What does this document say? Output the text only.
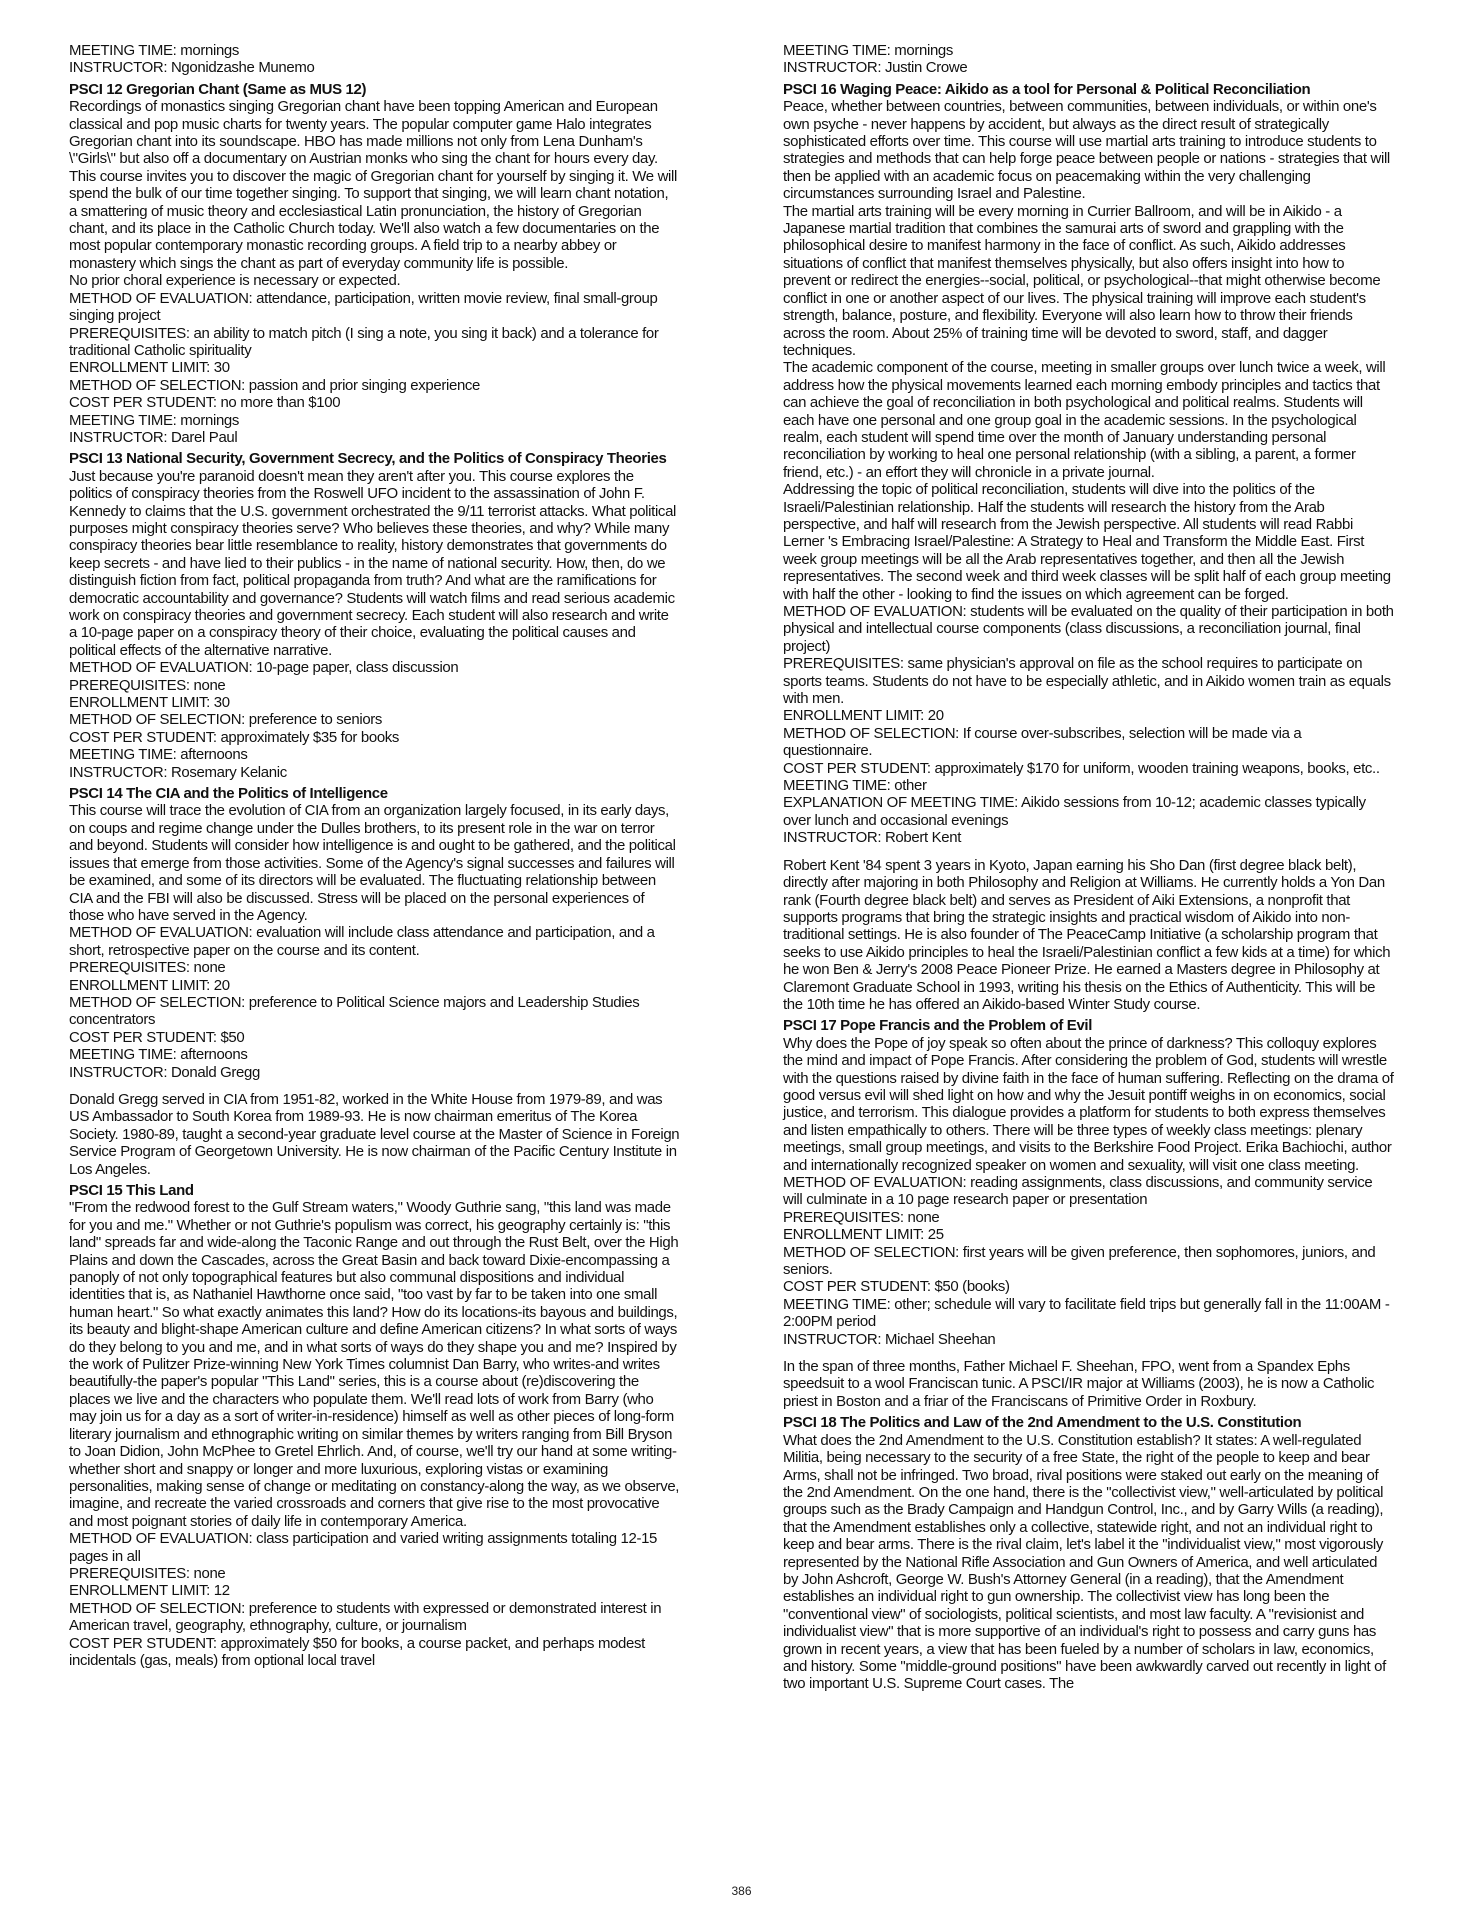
MEETING TIME: mornings
INSTRUCTOR: Ngonidzashe Munemo
PSCI 12 Gregorian Chant (Same as MUS 12)
Recordings of monastics singing Gregorian chant have been topping American and European classical and pop music charts for twenty years. The popular computer game Halo integrates Gregorian chant into its soundscape. HBO has made millions not only from Lena Dunham's \"Girls\" but also off a documentary on Austrian monks who sing the chant for hours every day.
This course invites you to discover the magic of Gregorian chant for yourself by singing it. We will spend the bulk of our time together singing. To support that singing, we will learn chant notation, a smattering of music theory and ecclesiastical Latin pronunciation, the history of Gregorian chant, and its place in the Catholic Church today. We'll also watch a few documentaries on the most popular contemporary monastic recording groups. A field trip to a nearby abbey or monastery which sings the chant as part of everyday community life is possible.
No prior choral experience is necessary or expected.
METHOD OF EVALUATION: attendance, participation, written movie review, final small-group singing project
PREREQUISITES: an ability to match pitch (I sing a note, you sing it back) and a tolerance for traditional Catholic spirituality
ENROLLMENT LIMIT: 30
METHOD OF SELECTION: passion and prior singing experience
COST PER STUDENT: no more than $100
MEETING TIME: mornings
INSTRUCTOR: Darel Paul
PSCI 13 National Security, Government Secrecy, and the Politics of Conspiracy Theories
Just because you're paranoid doesn't mean they aren't after you. This course explores the politics of conspiracy theories from the Roswell UFO incident to the assassination of John F. Kennedy to claims that the U.S. government orchestrated the 9/11 terrorist attacks. What political purposes might conspiracy theories serve? Who believes these theories, and why? While many conspiracy theories bear little resemblance to reality, history demonstrates that governments do keep secrets - and have lied to their publics - in the name of national security. How, then, do we distinguish fiction from fact, political propaganda from truth? And what are the ramifications for democratic accountability and governance? Students will watch films and read serious academic work on conspiracy theories and government secrecy. Each student will also research and write a 10-page paper on a conspiracy theory of their choice, evaluating the political causes and political effects of the alternative narrative.
METHOD OF EVALUATION: 10-page paper, class discussion
PREREQUISITES: none
ENROLLMENT LIMIT: 30
METHOD OF SELECTION: preference to seniors
COST PER STUDENT: approximately $35 for books
MEETING TIME: afternoons
INSTRUCTOR: Rosemary Kelanic
PSCI 14 The CIA and the Politics of Intelligence
This course will trace the evolution of CIA from an organization largely focused, in its early days, on coups and regime change under the Dulles brothers, to its present role in the war on terror and beyond. Students will consider how intelligence is and ought to be gathered, and the political issues that emerge from those activities. Some of the Agency's signal successes and failures will be examined, and some of its directors will be evaluated. The fluctuating relationship between CIA and the FBI will also be discussed. Stress will be placed on the personal experiences of those who have served in the Agency.
METHOD OF EVALUATION: evaluation will include class attendance and participation, and a short, retrospective paper on the course and its content.
PREREQUISITES: none
ENROLLMENT LIMIT: 20
METHOD OF SELECTION: preference to Political Science majors and Leadership Studies concentrators
COST PER STUDENT: $50
MEETING TIME: afternoons
INSTRUCTOR: Donald Gregg
Donald Gregg served in CIA from 1951-82, worked in the White House from 1979-89, and was US Ambassador to South Korea from 1989-93. He is now chairman emeritus of The Korea Society. 1980-89, taught a second-year graduate level course at the Master of Science in Foreign Service Program of Georgetown University. He is now chairman of the Pacific Century Institute in Los Angeles.
PSCI 15 This Land
"From the redwood forest to the Gulf Stream waters," Woody Guthrie sang, "this land was made for you and me." Whether or not Guthrie's populism was correct, his geography certainly is: "this land" spreads far and wide-along the Taconic Range and out through the Rust Belt, over the High Plains and down the Cascades, across the Great Basin and back toward Dixie-encompassing a panoply of not only topographical features but also communal dispositions and individual identities that is, as Nathaniel Hawthorne once said, "too vast by far to be taken into one small human heart." So what exactly animates this land? How do its locations-its bayous and buildings, its beauty and blight-shape American culture and define American citizens? In what sorts of ways do they belong to you and me, and in what sorts of ways do they shape you and me? Inspired by the work of Pulitzer Prize-winning New York Times columnist Dan Barry, who writes-and writes beautifully-the paper's popular "This Land" series, this is a course about (re)discovering the places we live and the characters who populate them. We'll read lots of work from Barry (who may join us for a day as a sort of writer-in-residence) himself as well as other pieces of long-form literary journalism and ethnographic writing on similar themes by writers ranging from Bill Bryson to Joan Didion, John McPhee to Gretel Ehrlich. And, of course, we'll try our hand at some writing- whether short and snappy or longer and more luxurious, exploring vistas or examining personalities, making sense of change or meditating on constancy-along the way, as we observe, imagine, and recreate the varied crossroads and corners that give rise to the most provocative and most poignant stories of daily life in contemporary America.
METHOD OF EVALUATION: class participation and varied writing assignments totaling 12-15 pages in all
PREREQUISITES: none
ENROLLMENT LIMIT: 12
METHOD OF SELECTION: preference to students with expressed or demonstrated interest in American travel, geography, ethnography, culture, or journalism
COST PER STUDENT: approximately $50 for books, a course packet, and perhaps modest incidentals (gas, meals) from optional local travel
MEETING TIME: mornings
INSTRUCTOR: Justin Crowe
PSCI 16 Waging Peace: Aikido as a tool for Personal & Political Reconciliation
Peace, whether between countries, between communities, between individuals, or within one's own psyche - never happens by accident, but always as the direct result of strategically sophisticated efforts over time. This course will use martial arts training to introduce students to strategies and methods that can help forge peace between people or nations - strategies that will then be applied with an academic focus on peacemaking within the very challenging circumstances surrounding Israel and Palestine.
The martial arts training will be every morning in Currier Ballroom, and will be in Aikido - a Japanese martial tradition that combines the samurai arts of sword and grappling with the philosophical desire to manifest harmony in the face of conflict. As such, Aikido addresses situations of conflict that manifest themselves physically, but also offers insight into how to prevent or redirect the energies--social, political, or psychological--that might otherwise become conflict in one or another aspect of our lives. The physical training will improve each student's strength, balance, posture, and flexibility. Everyone will also learn how to throw their friends across the room. About 25% of training time will be devoted to sword, staff, and dagger techniques.
The academic component of the course, meeting in smaller groups over lunch twice a week, will address how the physical movements learned each morning embody principles and tactics that can achieve the goal of reconciliation in both psychological and political realms. Students will each have one personal and one group goal in the academic sessions. In the psychological realm, each student will spend time over the month of January understanding personal reconciliation by working to heal one personal relationship (with a sibling, a parent, a former friend, etc.) - an effort they will chronicle in a private journal.
Addressing the topic of political reconciliation, students will dive into the politics of the Israeli/Palestinian relationship. Half the students will research the history from the Arab perspective, and half will research from the Jewish perspective. All students will read Rabbi Lerner 's Embracing Israel/Palestine: A Strategy to Heal and Transform the Middle East. First week group meetings will be all the Arab representatives together, and then all the Jewish representatives. The second week and third week classes will be split half of each group meeting with half the other - looking to find the issues on which agreement can be forged.
METHOD OF EVALUATION: students will be evaluated on the quality of their participation in both physical and intellectual course components (class discussions, a reconciliation journal, final project)
PREREQUISITES: same physician's approval on file as the school requires to participate on sports teams. Students do not have to be especially athletic, and in Aikido women train as equals with men.
ENROLLMENT LIMIT: 20
METHOD OF SELECTION: If course over-subscribes, selection will be made via a questionnaire.
COST PER STUDENT: approximately $170 for uniform, wooden training weapons, books, etc..
MEETING TIME: other
EXPLANATION OF MEETING TIME: Aikido sessions from 10-12; academic classes typically over lunch and occasional evenings
INSTRUCTOR: Robert Kent
Robert Kent '84 spent 3 years in Kyoto, Japan earning his Sho Dan (first degree black belt), directly after majoring in both Philosophy and Religion at Williams. He currently holds a Yon Dan rank (Fourth degree black belt) and serves as President of Aiki Extensions, a nonprofit that supports programs that bring the strategic insights and practical wisdom of Aikido into non-traditional settings. He is also founder of The PeaceCamp Initiative (a scholarship program that seeks to use Aikido principles to heal the Israeli/Palestinian conflict a few kids at a time) for which he won Ben & Jerry's 2008 Peace Pioneer Prize. He earned a Masters degree in Philosophy at Claremont Graduate School in 1993, writing his thesis on the Ethics of Authenticity. This will be the 10th time he has offered an Aikido-based Winter Study course.
PSCI 17 Pope Francis and the Problem of Evil
Why does the Pope of joy speak so often about the prince of darkness? This colloquy explores the mind and impact of Pope Francis. After considering the problem of God, students will wrestle with the questions raised by divine faith in the face of human suffering. Reflecting on the drama of good versus evil will shed light on how and why the Jesuit pontiff weighs in on economics, social justice, and terrorism. This dialogue provides a platform for students to both express themselves and listen empathically to others. There will be three types of weekly class meetings: plenary meetings, small group meetings, and visits to the Berkshire Food Project. Erika Bachiochi, author and internationally recognized speaker on women and sexuality, will visit one class meeting.
METHOD OF EVALUATION: reading assignments, class discussions, and community service will culminate in a 10 page research paper or presentation
PREREQUISITES: none
ENROLLMENT LIMIT: 25
METHOD OF SELECTION: first years will be given preference, then sophomores, juniors, and seniors.
COST PER STUDENT: $50 (books)
MEETING TIME: other; schedule will vary to facilitate field trips but generally fall in the 11:00AM - 2:00PM period
INSTRUCTOR: Michael Sheehan
In the span of three months, Father Michael F. Sheehan, FPO, went from a Spandex Ephs speedsuit to a wool Franciscan tunic. A PSCI/IR major at Williams (2003), he is now a Catholic priest in Boston and a friar of the Franciscans of Primitive Order in Roxbury.
PSCI 18 The Politics and Law of the 2nd Amendment to the U.S. Constitution
What does the 2nd Amendment to the U.S. Constitution establish? It states: A well-regulated Militia, being necessary to the security of a free State, the right of the people to keep and bear Arms, shall not be infringed. Two broad, rival positions were staked out early on the meaning of the 2nd Amendment. On the one hand, there is the "collectivist view," well-articulated by political groups such as the Brady Campaign and Handgun Control, Inc., and by Garry Wills (a reading), that the Amendment establishes only a collective, statewide right, and not an individual right to keep and bear arms. There is the rival claim, let's label it the "individualist view," most vigorously represented by the National Rifle Association and Gun Owners of America, and well articulated by John Ashcroft, George W. Bush's Attorney General (in a reading), that the Amendment establishes an individual right to gun ownership. The collectivist view has long been the "conventional view" of sociologists, political scientists, and most law faculty. A "revisionist and individualist view" that is more supportive of an individual's right to possess and carry guns has grown in recent years, a view that has been fueled by a number of scholars in law, economics, and history. Some "middle-ground positions" have been awkwardly carved out recently in light of two important U.S. Supreme Court cases. The
386
